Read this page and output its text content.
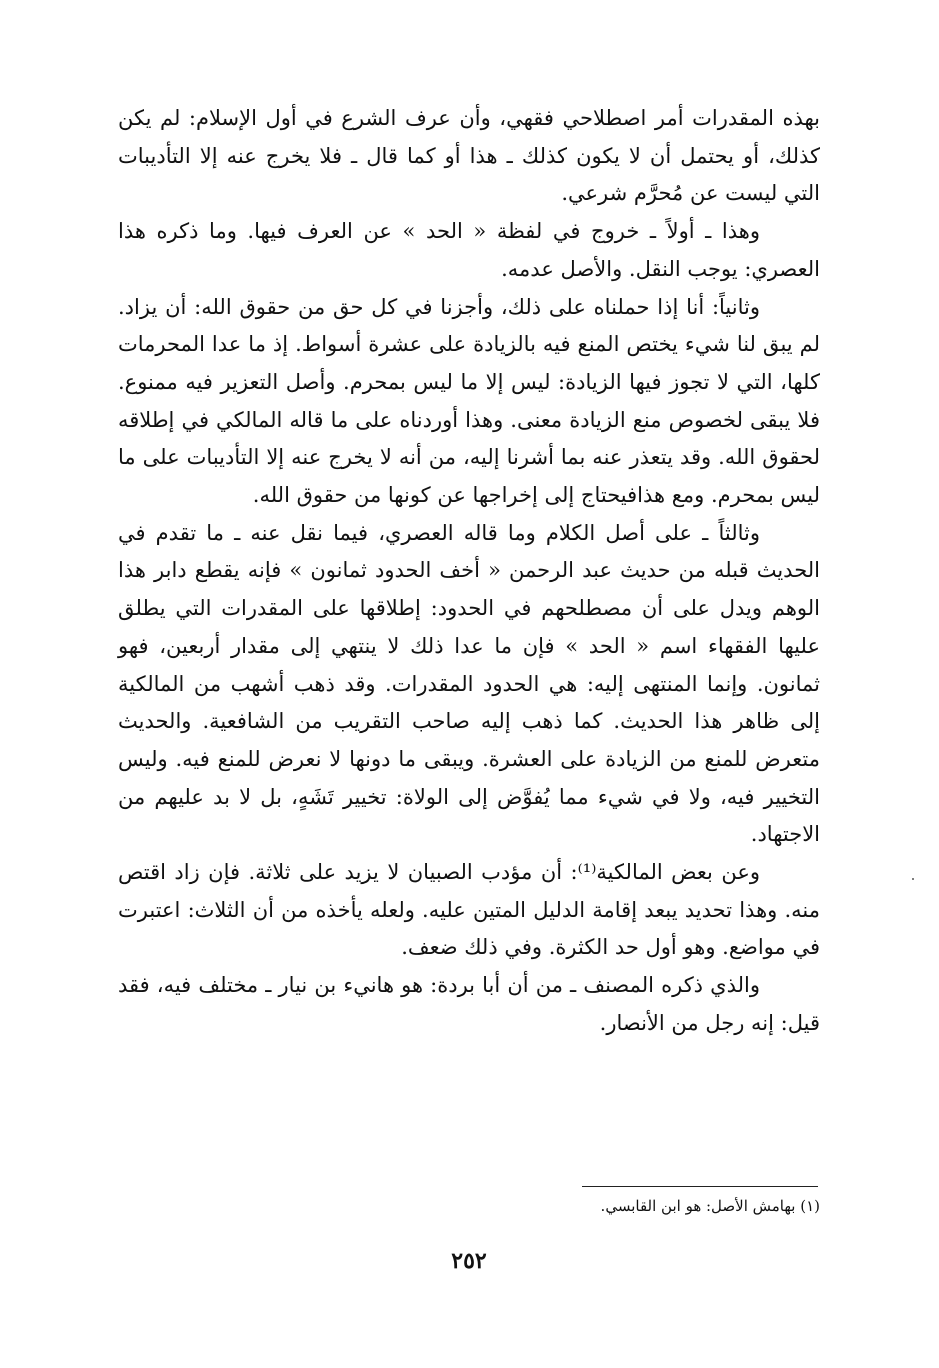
بهذه المقدرات أمر اصطلاحي فقهي، وأن عرف الشرع في أول الإسلام: لم يكن كذلك، أو يحتمل أن لا يكون كذلك ـ هذا أو كما قال ـ فلا يخرج عنه إلا التأديبات التي ليست عن مُحرَّم شرعي.

وهذا ـ أولاً ـ خروج في لفظة « الحد » عن العرف فيها. وما ذكره هذا العصري: يوجب النقل. والأصل عدمه.

وثانياً: أنا إذا حملناه على ذلك، وأجزنا في كل حق من حقوق الله: أن يزاد. لم يبق لنا شيء يختص المنع فيه بالزيادة على عشرة أسواط. إذ ما عدا المحرمات كلها، التي لا تجوز فيها الزيادة: ليس إلا ما ليس بمحرم. وأصل التعزير فيه ممنوع. فلا يبقى لخصوص منع الزيادة معنى. وهذا أوردناه على ما قاله المالكي في إطلاقه لحقوق الله. وقد يتعذر عنه بما أشرنا إليه، من أنه لا يخرج عنه إلا التأديبات على ما ليس بمحرم. ومع هذافيحتاج إلى إخراجها عن كونها من حقوق الله.

وثالثاً ـ على أصل الكلام وما قاله العصري، فيما نقل عنه ـ ما تقدم في الحديث قبله من حديث عبد الرحمن « أخف الحدود ثمانون » فإنه يقطع دابر هذا الوهم ويدل على أن مصطلحهم في الحدود: إطلاقها على المقدرات التي يطلق عليها الفقهاء اسم « الحد » فإن ما عدا ذلك لا ينتهي إلى مقدار أربعين، فهو ثمانون. وإنما المنتهى إليه: هي الحدود المقدرات. وقد ذهب أشهب من المالكية إلى ظاهر هذا الحديث. كما ذهب إليه صاحب التقريب من الشافعية. والحديث متعرض للمنع من الزيادة على العشرة. ويبقى ما دونها لا نعرض للمنع فيه. وليس التخيير فيه، ولا في شيء مما يُفوَّض إلى الولاة: تخيير تَشَهٍ، بل لا بد عليهم من الاجتهاد.

وعن بعض المالكية⁽¹⁾: أن مؤدب الصبيان لا يزيد على ثلاثة. فإن زاد اقتص منه. وهذا تحديد يبعد إقامة الدليل المتين عليه. ولعله يأخذه من أن الثلاث: اعتبرت في مواضع. وهو أول حد الكثرة. وفي ذلك ضعف.

والذي ذكره المصنف ـ من أن أبا بردة: هو هانيء بن نيار ـ مختلف فيه، فقد قيل: إنه رجل من الأنصار.

(١) بهامش الأصل: هو ابن القابسي.
٢٥٢
